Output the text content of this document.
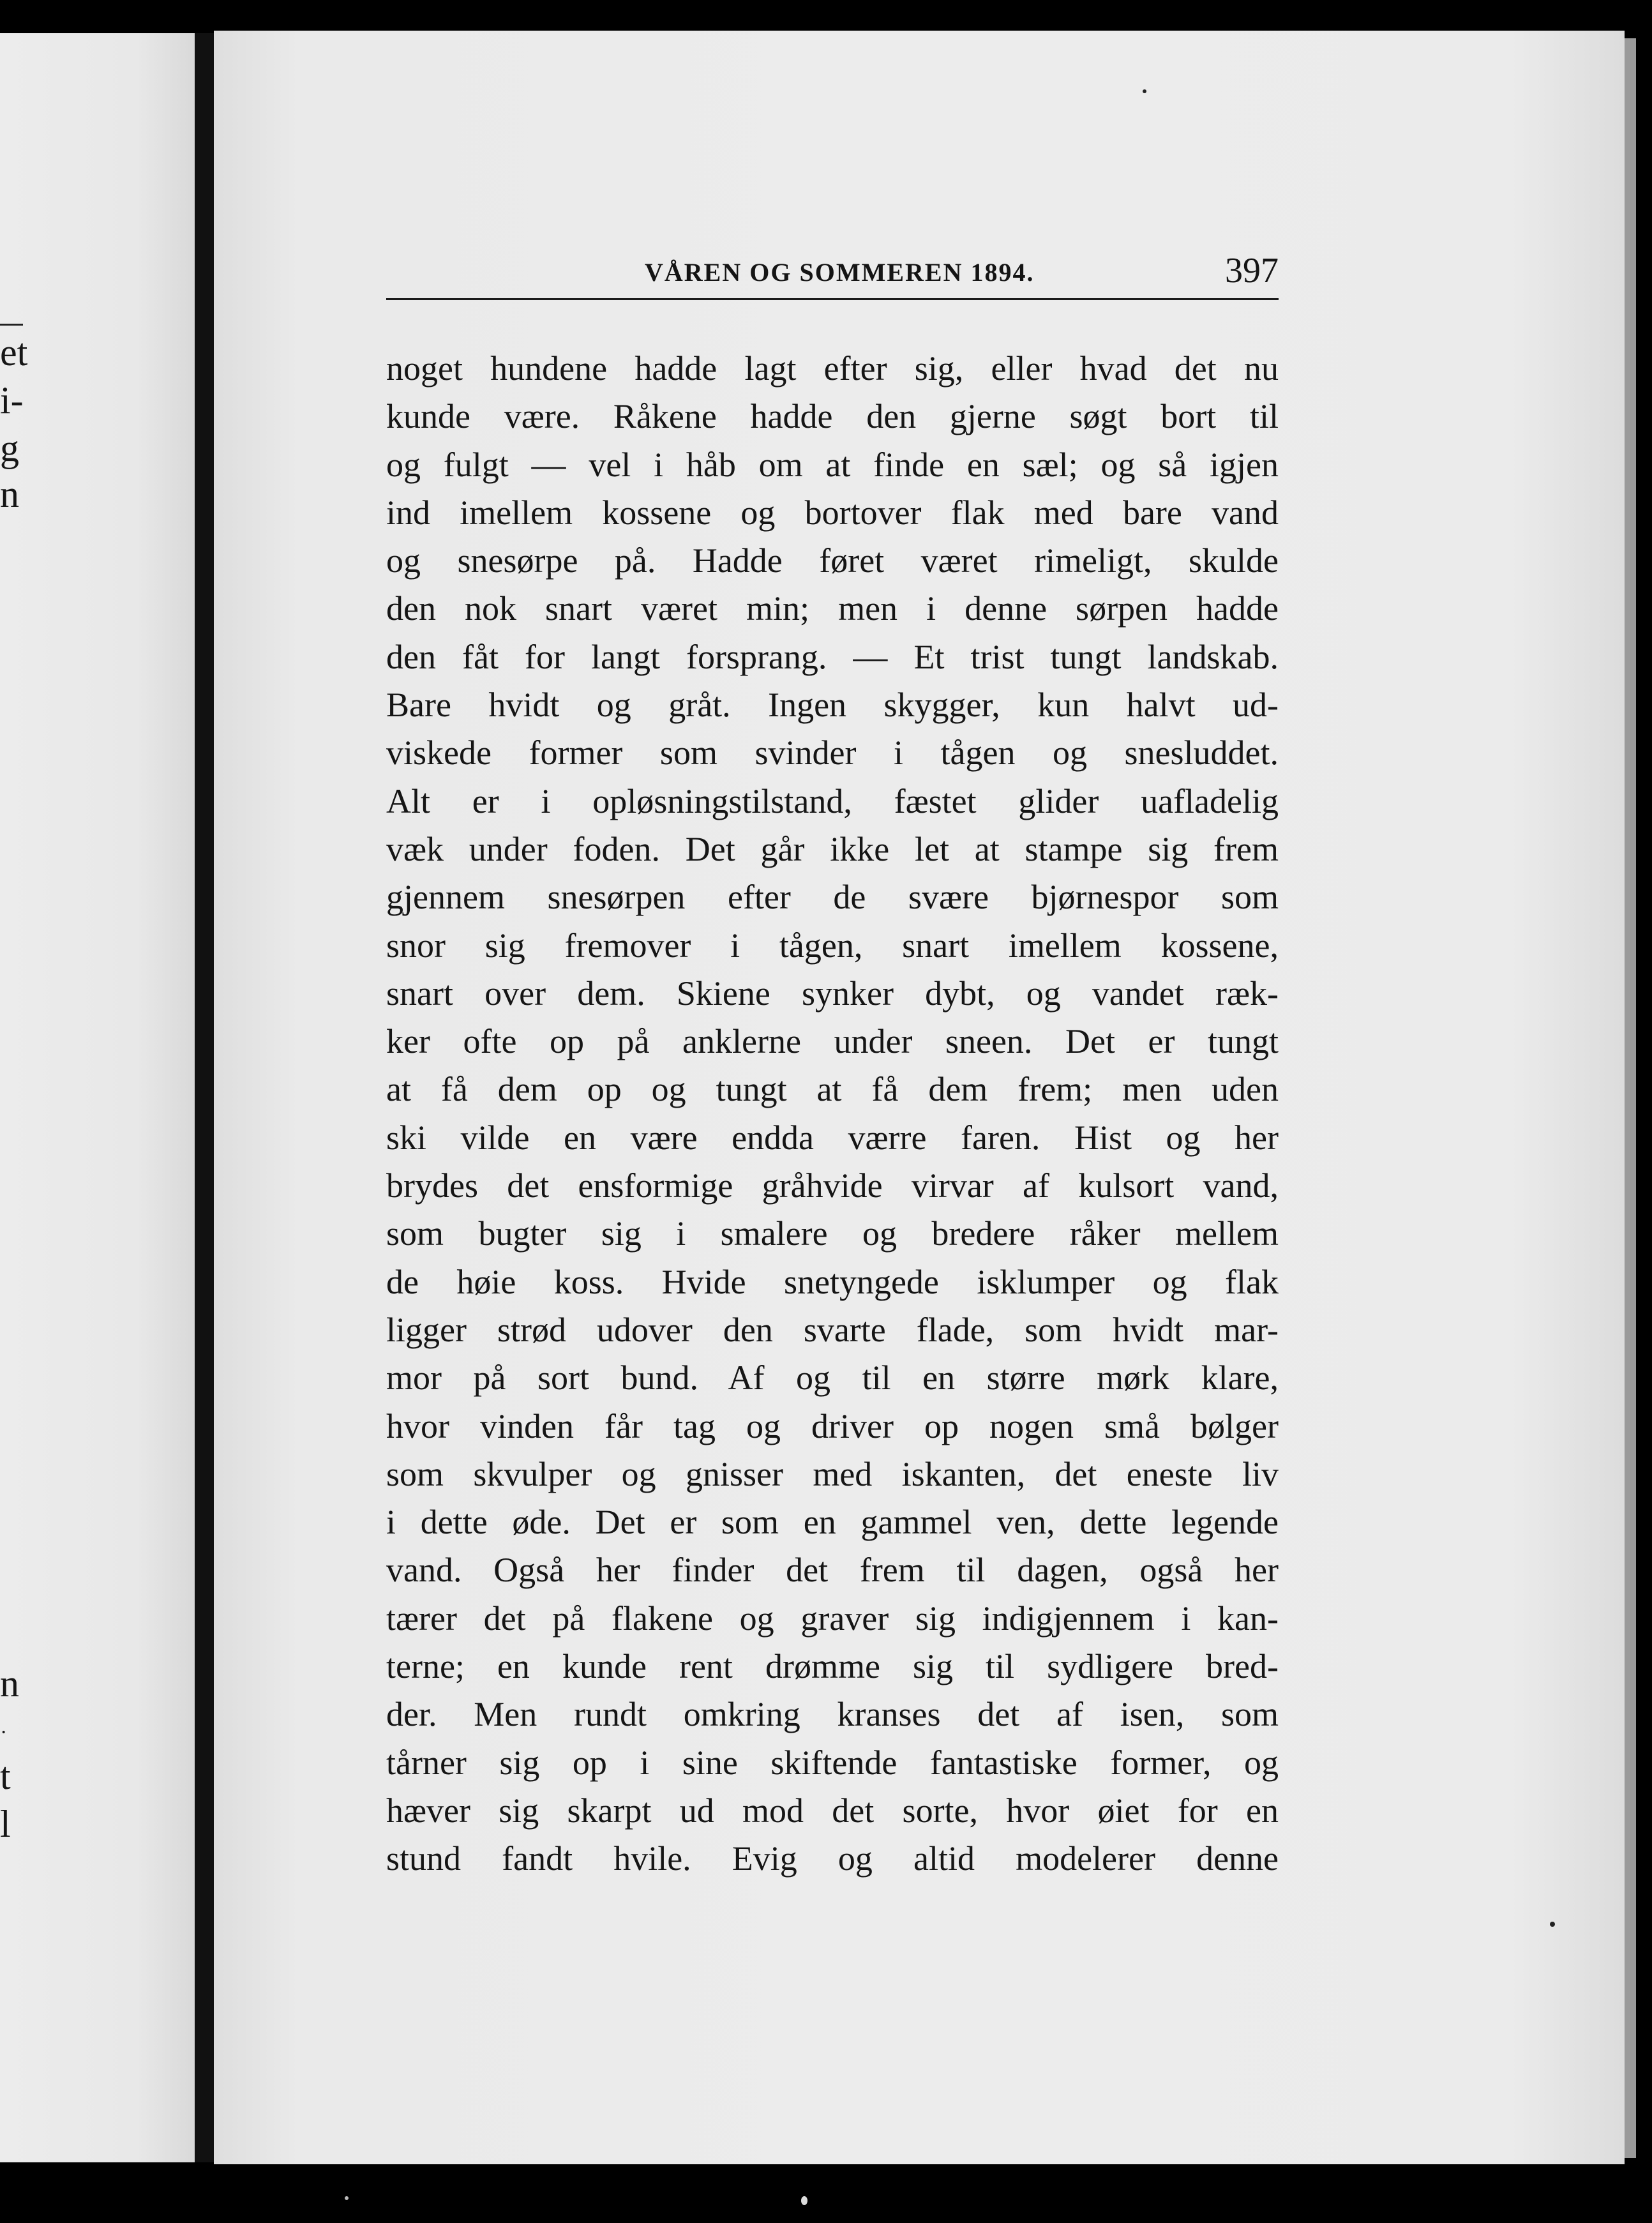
et
i-
g
n
n
·
t
l
VÅREN OG SOMMEREN 1894.	397
noget hundene hadde lagt efter sig, eller hvad det nu
kunde være. Råkene hadde den gjerne søgt bort til
og fulgt — vel i håb om at finde en sæl; og så igjen
ind imellem kossene og bortover flak med bare vand
og snesørpe på. Hadde føret været rimeligt, skulde
den nok snart været min; men i denne sørpen hadde
den fåt for langt forsprang. — Et trist tungt landskab.
Bare hvidt og gråt. Ingen skygger, kun halvt ud-
viskede former som svinder i tågen og snesluddet.
Alt er i opløsningstilstand, fæstet glider uafladelig
væk under foden. Det går ikke let at stampe sig frem
gjennem snesørpen efter de svære bjørnespor som
snor sig fremover i tågen, snart imellem kossene,
snart over dem. Skiene synker dybt, og vandet ræk-
ker ofte op på anklerne under sneen. Det er tungt
at få dem op og tungt at få dem frem; men uden
ski vilde en være endda værre faren. Hist og her
brydes det ensformige gråhvide virvar af kulsort vand,
som bugter sig i smalere og bredere råker mellem
de høie koss. Hvide snetyngede isklumper og flak
ligger strød udover den svarte flade, som hvidt mar-
mor på sort bund. Af og til en større mørk klare,
hvor vinden får tag og driver op nogen små bølger
som skvulper og gnisser med iskanten, det eneste liv
i dette øde. Det er som en gammel ven, dette legende
vand. Også her finder det frem til dagen, også her
tærer det på flakene og graver sig indigjennem i kan-
terne; en kunde rent drømme sig til sydligere bred-
der. Men rundt omkring kranses det af isen, som
tårner sig op i sine skiftende fantastiske former, og
hæver sig skarpt ud mod det sorte, hvor øiet for en
stund fandt hvile. Evig og altid modelerer denne
